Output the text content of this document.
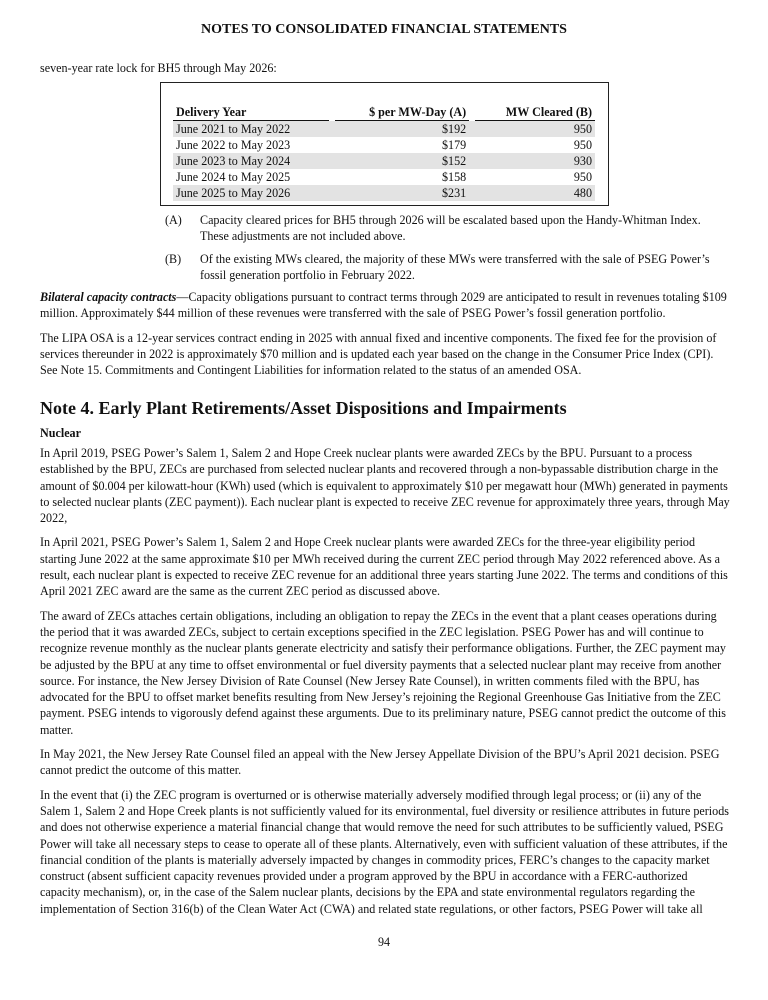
NOTES TO CONSOLIDATED FINANCIAL STATEMENTS
seven-year rate lock for BH5 through May 2026:
Delivery Year		$ per MW-Day (A)		MW Cleared (B)
June 2021 to May 2022		$192		950
June 2022 to May 2023		$179		950
June 2023 to May 2024		$152		930
June 2024 to May 2025		$158		950
June 2025 to May 2026		$231		480
(A)	Capacity cleared prices for BH5 through 2026 will be escalated based upon the Handy-Whitman Index. These adjustments are not included above.
(B)	Of the existing MWs cleared, the majority of these MWs were transferred with the sale of PSEG Power’s fossil generation portfolio in February 2022.

Bilateral capacity contracts—Capacity obligations pursuant to contract terms through 2029 are anticipated to result in revenues totaling $109 million. Approximately $44 million of these revenues were transferred with the sale of PSEG Power’s fossil generation portfolio.

The LIPA OSA is a 12-year services contract ending in 2025 with annual fixed and incentive components. The fixed fee for the provision of services thereunder in 2022 is approximately $70 million and is updated each year based on the change in the Consumer Price Index (CPI). See Note 15. Commitments and Contingent Liabilities for information related to the status of an amended OSA.

Note 4. Early Plant Retirements/Asset Dispositions and Impairments
Nuclear

In April 2019, PSEG Power’s Salem 1, Salem 2 and Hope Creek nuclear plants were awarded ZECs by the BPU. Pursuant to a process established by the BPU, ZECs are purchased from selected nuclear plants and recovered through a non-bypassable distribution charge in the amount of $0.004 per kilowatt-hour (KWh) used (which is equivalent to approximately $10 per megawatt hour (MWh) generated in payments to selected nuclear plants (ZEC payment)). Each nuclear plant is expected to receive ZEC revenue for approximately three years, through May 2022,

In April 2021, PSEG Power’s Salem 1, Salem 2 and Hope Creek nuclear plants were awarded ZECs for the three-year eligibility period starting June 2022 at the same approximate $10 per MWh received during the current ZEC period through May 2022 referenced above. As a result, each nuclear plant is expected to receive ZEC revenue for an additional three years starting June 2022. The terms and conditions of this April 2021 ZEC award are the same as the current ZEC period as discussed above.

The award of ZECs attaches certain obligations, including an obligation to repay the ZECs in the event that a plant ceases operations during the period that it was awarded ZECs, subject to certain exceptions specified in the ZEC legislation. PSEG Power has and will continue to recognize revenue monthly as the nuclear plants generate electricity and satisfy their performance obligations. Further, the ZEC payment may be adjusted by the BPU at any time to offset environmental or fuel diversity payments that a selected nuclear plant may receive from another source. For instance, the New Jersey Division of Rate Counsel (New Jersey Rate Counsel), in written comments filed with the BPU, has advocated for the BPU to offset market benefits resulting from New Jersey’s rejoining the Regional Greenhouse Gas Initiative from the ZEC payment. PSEG intends to vigorously defend against these arguments. Due to its preliminary nature, PSEG cannot predict the outcome of this matter.

In May 2021, the New Jersey Rate Counsel filed an appeal with the New Jersey Appellate Division of the BPU’s April 2021 decision. PSEG cannot predict the outcome of this matter.

In the event that (i) the ZEC program is overturned or is otherwise materially adversely modified through legal process; or (ii) any of the Salem 1, Salem 2 and Hope Creek plants is not sufficiently valued for its environmental, fuel diversity or resilience attributes in future periods and does not otherwise experience a material financial change that would remove the need for such attributes to be sufficiently valued, PSEG Power will take all necessary steps to cease to operate all of these plants. Alternatively, even with sufficient valuation of these attributes, if the financial condition of the plants is materially adversely impacted by changes in commodity prices, FERC’s changes to the capacity market construct (absent sufficient capacity revenues provided under a program approved by the BPU in accordance with a FERC-authorized capacity mechanism), or, in the case of the Salem nuclear plants, decisions by the EPA and state environmental regulators regarding the implementation of Section 316(b) of the Clean Water Act (CWA) and related state regulations, or other factors, PSEG Power will take all

94
